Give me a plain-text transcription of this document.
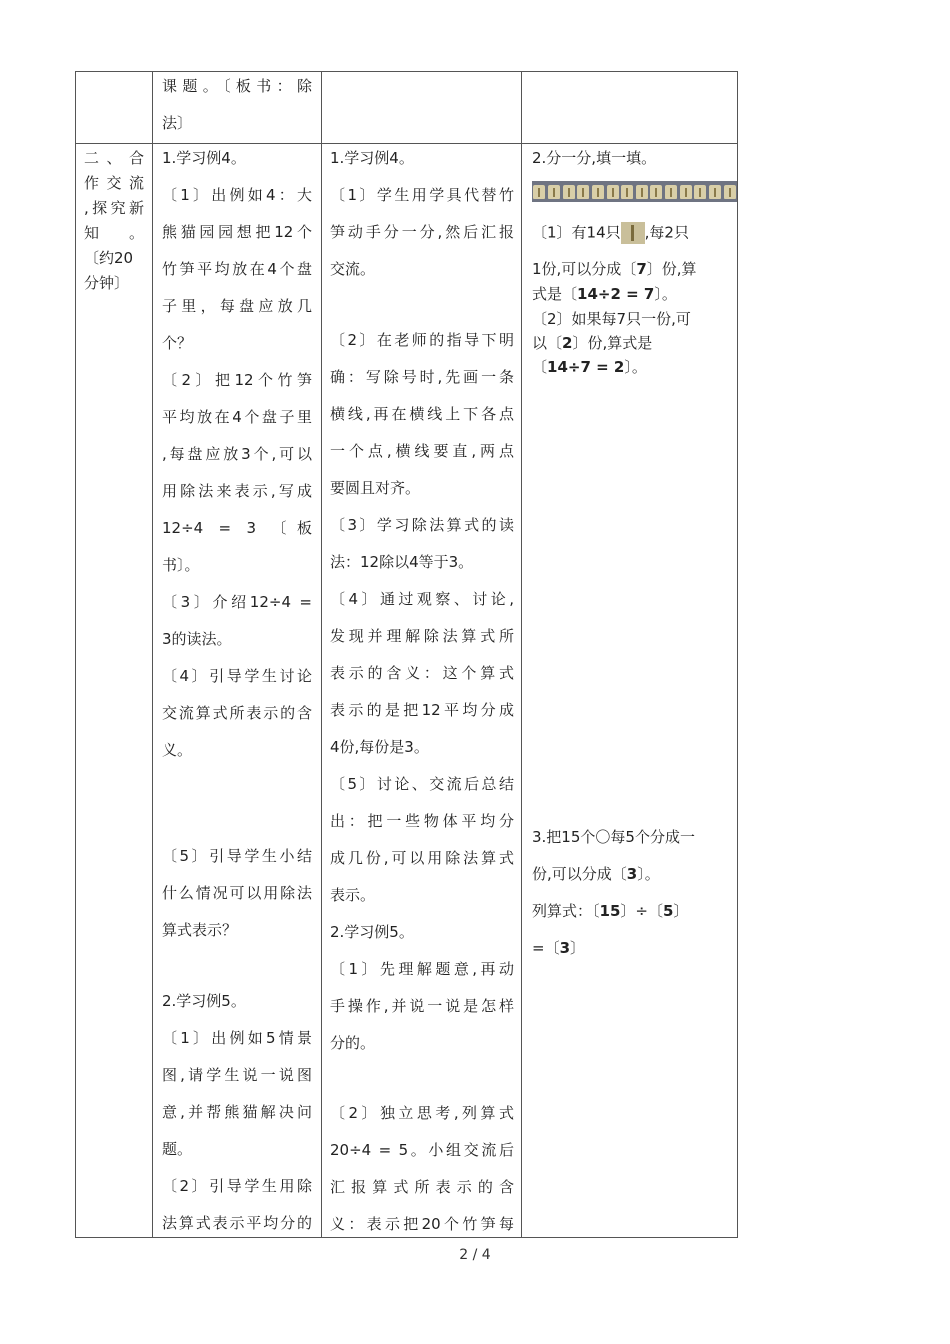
课题。〔板书：除
法〕
二、合
作交流
,探究新
知　。
〔约20
分钟〕
1.学习例4。
〔1〕出例如4：大
熊猫园园想把12个
竹笋平均放在4个盘
子里，每盘应放几
个？
〔2〕把12个竹笋
平均放在4个盘子里
,每盘应放3个,可以
用除法来表示,写成
12÷4 = 3 〔板
书〕。
〔3〕介绍12÷4 =
3的读法。
〔4〕引导学生讨论
交流算式所表示的含
义。
〔5〕引导学生小结
什么情况可以用除法
算式表示？
2.学习例5。
〔1〕出例如5情景
图,请学生说一说图
意,并帮熊猫解决问
题。
〔2〕引导学生用除
法算式表示平均分的
1.学习例4。
〔1〕学生用学具代替竹
笋动手分一分,然后汇报
交流。
〔2〕在老师的指导下明
确：写除号时,先画一条
横线,再在横线上下各点
一个点,横线要直,两点
要圆且对齐。
〔3〕学习除法算式的读
法：12除以4等于3。
〔4〕通过观察、讨论,
发现并理解除法算式所
表示的含义：这个算式
表示的是把12平均分成
4份,每份是3。
〔5〕讨论、交流后总结
出：把一些物体平均分
成几份,可以用除法算式
表示。
2.学习例5。
〔1〕先理解题意,再动
手操作,并说一说是怎样
分的。
〔2〕独立思考,列算式
20÷4 = 5。小组交流后
汇报算式所表示的含
义：表示把20个竹笋每
2.分一分,填一填。
〔1〕有14只 ,每2只
1份,可以分成〔7〕份,算
式是〔14÷2 = 7〕。
〔2〕如果每7只一份,可
以〔2〕份,算式是
〔14÷7 = 2〕。
3.把15个〇每5个分成一
份,可以分成〔3〕。
列算式：〔15〕÷〔5〕
=〔3〕
2 / 4
